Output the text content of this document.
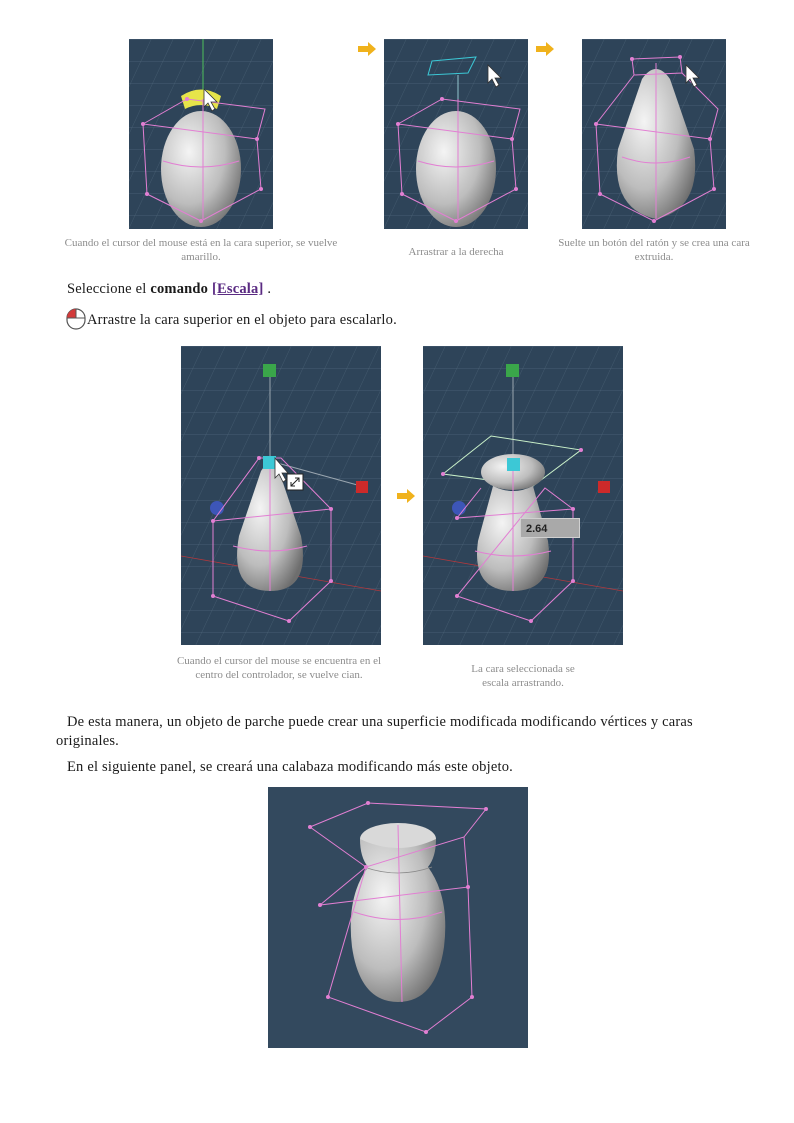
Cuando el cursor del mouse está en la cara superior, se vuelve amarillo.	Arrastrar a la derecha
Suelte un botón del ratón y se crea una cara extruida.
Seleccione el comando [Escala] .
Arrastre la cara superior en el objeto para escalarlo.
Cuando el cursor del mouse se encuentra en el centro del controlador, se vuelve cian.
2.64
La cara seleccionada se escala arrastrando.
De esta manera, un objeto de parche puede crear una superficie modificada modificando vértices y caras originales.
En el siguiente panel, se creará una calabaza modificando más este objeto.
